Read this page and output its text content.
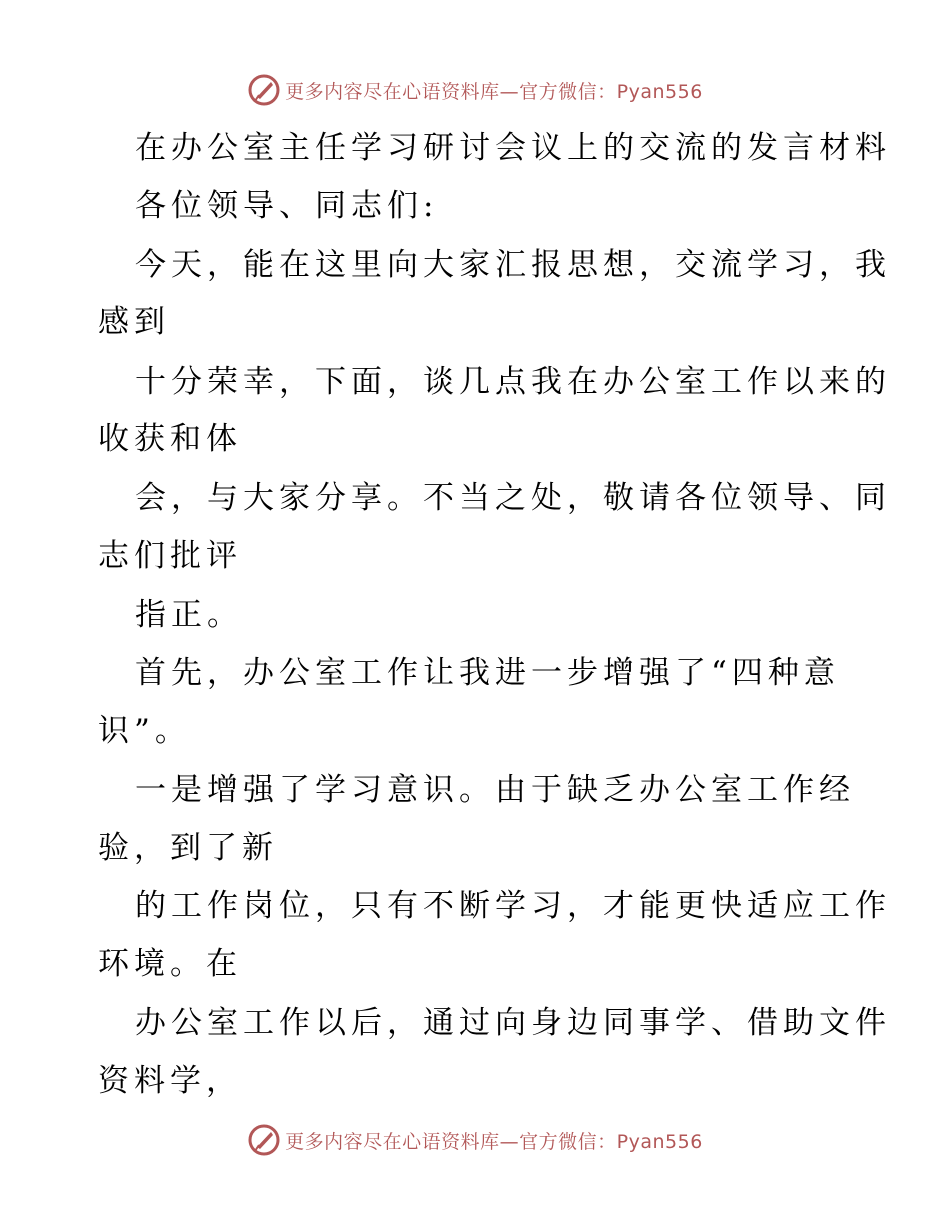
更多内容尽在心语资料库—官方微信：Pyan556
在办公室主任学习研讨会议上的交流的发言材料
各位领导、同志们:
今天，能在这里向大家汇报思想，交流学习，我
感到
十分荣幸，下面，谈几点我在办公室工作以来的
收获和体
会，与大家分享。不当之处，敬请各位领导、同
志们批评
指正。
首先，办公室工作让我进一步增强了“四种意
识”。
一是增强了学习意识。由于缺乏办公室工作经
验，到了新
的工作岗位，只有不断学习，才能更快适应工作
环境。在
办公室工作以后，通过向身边同事学、借助文件
资料学，
更多内容尽在心语资料库—官方微信：Pyan556
